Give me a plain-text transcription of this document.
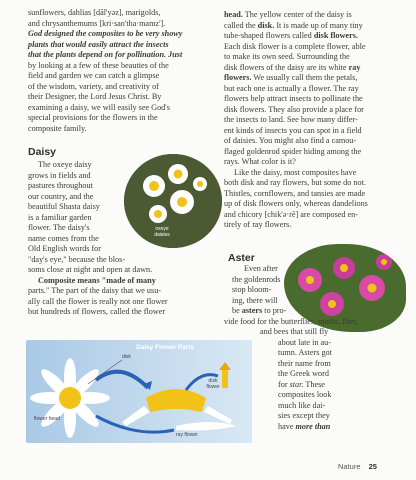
sunflowers, dahlias [dāl'yəz], marigolds,

and chrysanthemums [kri·san'tha·mamz'].

God designed the composites to be very showy

plants that would easily attract the insects

that the plants depend on for pollination. Just

by looking at a few of these beauties of the

field and garden we can catch a glimpse

of the wisdom, variety, and creativity of

their Designer, the Lord Jesus Christ. By

examining a daisy, we will easily see God's

special provisions for the flowers in the

composite family.

Daisy

The oxeye daisy

grows in fields and

pastures throughout

our country, and the

beautiful Shasta daisy

is a familiar garden

flower. The daisy's

name comes from the

Old English words for

"day's eye," because the blos-

soms close at night and open at dawn.

Composite means "made of many

parts." The part of the daisy that we usu-

ally call the flower is really not one flower

but hundreds of flowers, called the flower

oxeye daisies

head. The yellow center of the daisy is

called the disk. It is made up of many tiny

tube-shaped flowers called disk flowers.

Each disk flower is a complete flower, able

to make its own seed. Surrounding the

disk flowers of the daisy are its white ray

flowers. We usually call them the petals,

but each one is actually a flower. The ray

flowers help attract insects to pollinate the

disk flowers. They also provide a place for

the insects to land. See how many differ-

ent kinds of insects you can spot in a field

of daisies. You might also find a camou-

flaged goldenrod spider hiding among the

rays. What color is it?

Like the daisy, most composites have

both disk and ray flowers, but some do not.

Thistles, cornflowers, and tansies are made

up of disk flowers only, whereas dandelions

and chicory [chik'ə·rē] are composed en-

tirely of ray flowers.

Aster
aster

Even after

the goldenrods

stop bloom-

ing, there will

be asters to pro-

vide food for the butterflies, moths, flies,

and bees that still fly

about late in au-

tumn. Asters got

their name from

the Greek word

for star. These

composites look

much like dai-

sies except they

have more than

Daisy Flower Parts
disk
disk flower
flower head
ray flower
Nature 25
